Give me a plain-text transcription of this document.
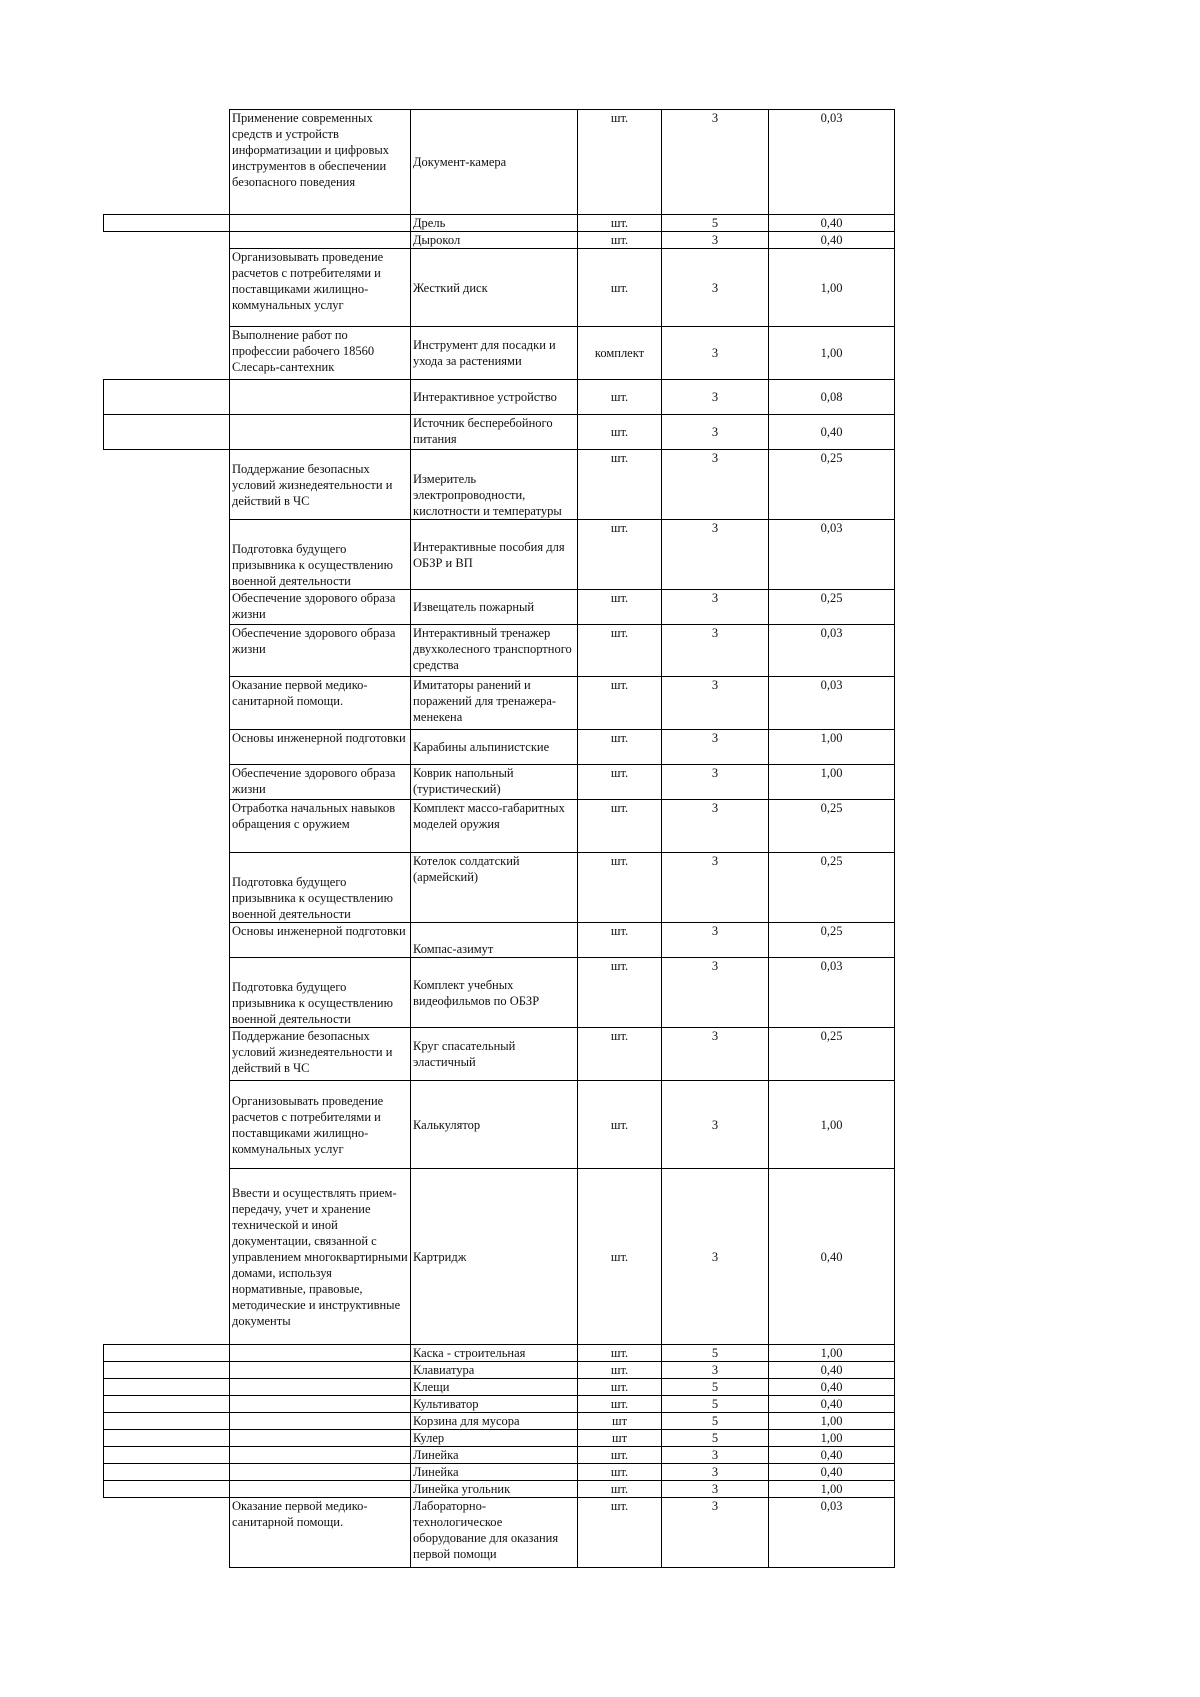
	Применение современных средств и устройств информатизации и цифровых инструментов в обеспечении безопасного поведения	Документ-камера	шт.	3	0,03
		Дрель	шт.	5	0,40
		Дырокол	шт.	3	0,40
	Организовывать проведение расчетов с потребителями и поставщиками жилищно-коммунальных услуг	Жесткий диск	шт.	3	1,00
	Выполнение работ по профессии рабочего 18560 Слесарь-сантехник	Инструмент для посадки и ухода за растениями	комплект	3	1,00
		Интерактивное устройство	шт.	3	0,08
		Источник бесперебойного питания	шт.	3	0,40
	Поддержание безопасных условий жизнедеятельности и действий в ЧС	Измеритель электропроводности, кислотности и температуры	шт.	3	0,25
	Подготовка будущего призывника к осуществлению военной деятельности	Интерактивные пособия для ОБЗР и ВП	шт.	3	0,03
	Обеспечение здорового образа жизни	Извещатель пожарный	шт.	3	0,25
	Обеспечение здорового образа жизни	Интерактивный тренажер двухколесного транспортного средства	шт.	3	0,03
	Оказание первой медико-санитарной помощи.	Имитаторы ранений и поражений для тренажера-менекена	шт.	3	0,03
	Основы инженерной подготовки	Карабины альпинистские	шт.	3	1,00
	Обеспечение здорового образа жизни	Коврик напольный (туристический)	шт.	3	1,00
	Отработка начальных навыков обращения с оружием	Комплект массо-габаритных моделей оружия	шт.	3	0,25
	Подготовка будущего призывника к осуществлению военной деятельности	Котелок солдатский (армейский)	шт.	3	0,25
	Основы инженерной подготовки	Компас-азимут	шт.	3	0,25
	Подготовка будущего призывника к осуществлению военной деятельности	Комплект учебных видеофильмов по ОБЗР	шт.	3	0,03
	Поддержание безопасных условий жизнедеятельности и действий в ЧС	Круг спасательный эластичный	шт.	3	0,25
	Организовывать проведение расчетов с потребителями и поставщиками жилищно-коммунальных услуг	Калькулятор	шт.	3	1,00
	Ввести и осуществлять прием-передачу, учет и хранение технической и иной документации, связанной с управлением многоквартирными домами, используя нормативные, правовые, методические и инструктивные документы	Картридж	шт.	3	0,40
		Каска - строительная	шт.	5	1,00
		Клавиатура	шт.	3	0,40
		Клещи	шт.	5	0,40
		Культиватор	шт.	5	0,40
		Корзина для мусора	шт	5	1,00
		Кулер	шт	5	1,00
		Линейка	шт.	3	0,40
		Линейка	шт.	3	0,40
		Линейка угольник	шт.	3	1,00
	Оказание первой медико-санитарной помощи.	Лабораторно-технологическое оборудование для оказания первой помощи	шт.	3	0,03
